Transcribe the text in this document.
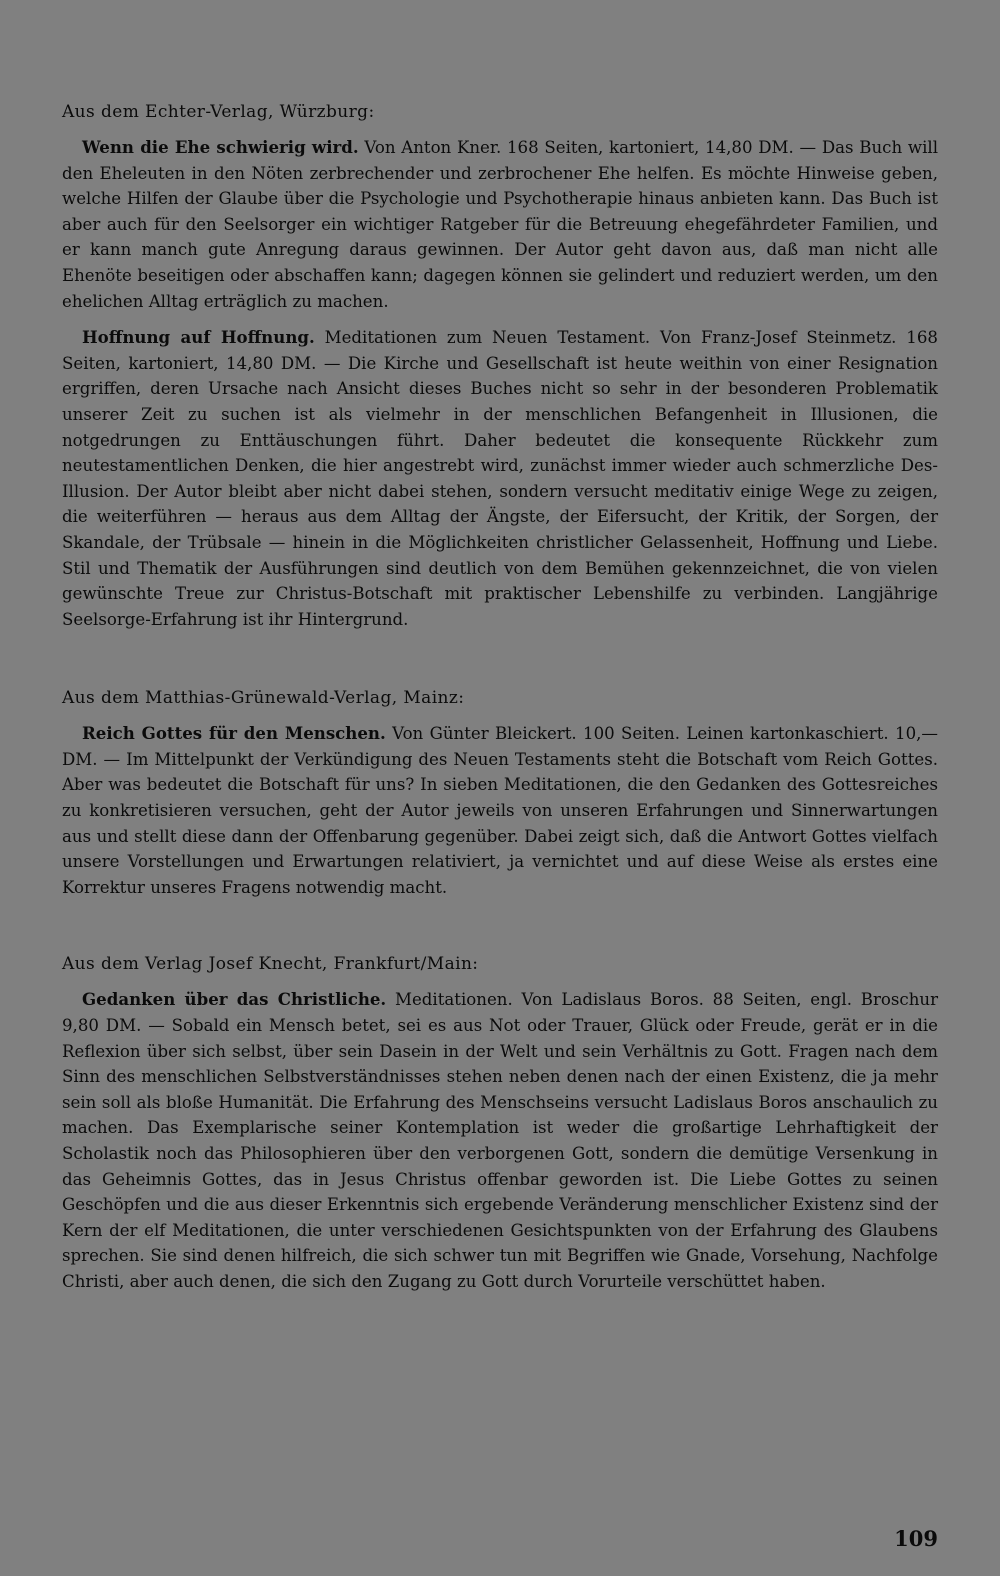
Aus dem Echter-Verlag, Würzburg:

Wenn die Ehe schwierig wird. Von Anton Kner. 168 Seiten, kartoniert, 14,80 DM. — Das Buch will den Eheleuten in den Nöten zerbrechender und zerbrochener Ehe helfen. Es möchte Hinweise geben, welche Hilfen der Glaube über die Psychologie und Psychotherapie hinaus anbieten kann. Das Buch ist aber auch für den Seelsorger ein wichtiger Ratgeber für die Betreuung ehegefährdeter Familien, und er kann manch gute Anregung daraus gewinnen. Der Autor geht davon aus, daß man nicht alle Ehenöte beseitigen oder abschaffen kann; dagegen können sie gelindert und reduziert werden, um den ehelichen Alltag erträglich zu machen.

Hoffnung auf Hoffnung. Meditationen zum Neuen Testament. Von Franz-Josef Steinmetz. 168 Seiten, kartoniert, 14,80 DM. — Die Kirche und Gesellschaft ist heute weithin von einer Resignation ergriffen, deren Ursache nach Ansicht dieses Buches nicht so sehr in der besonderen Problematik unserer Zeit zu suchen ist als vielmehr in der menschlichen Befangenheit in Illusionen, die notgedrungen zu Enttäuschungen führt. Daher bedeutet die konsequente Rückkehr zum neutestamentlichen Denken, die hier angestrebt wird, zunächst immer wieder auch schmerzliche Des-Illusion. Der Autor bleibt aber nicht dabei stehen, sondern versucht meditativ einige Wege zu zeigen, die weiterführen — heraus aus dem Alltag der Ängste, der Eifersucht, der Kritik, der Sorgen, der Skandale, der Trübsale — hinein in die Möglichkeiten christlicher Gelassenheit, Hoffnung und Liebe. Stil und Thematik der Ausführungen sind deutlich von dem Bemühen gekennzeichnet, die von vielen gewünschte Treue zur Christus-Botschaft mit praktischer Lebenshilfe zu verbinden. Langjährige Seelsorge-Erfahrung ist ihr Hintergrund.

Aus dem Matthias-Grünewald-Verlag, Mainz:

Reich Gottes für den Menschen. Von Günter Bleickert. 100 Seiten. Leinen kartonkaschiert. 10,— DM. — Im Mittelpunkt der Verkündigung des Neuen Testaments steht die Botschaft vom Reich Gottes. Aber was bedeutet die Botschaft für uns? In sieben Meditationen, die den Gedanken des Gottesreiches zu konkretisieren versuchen, geht der Autor jeweils von unseren Erfahrungen und Sinnerwartungen aus und stellt diese dann der Offenbarung gegenüber. Dabei zeigt sich, daß die Antwort Gottes vielfach unsere Vorstellungen und Erwartungen relativiert, ja vernichtet und auf diese Weise als erstes eine Korrektur unseres Fragens notwendig macht.

Aus dem Verlag Josef Knecht, Frankfurt/Main:

Gedanken über das Christliche. Meditationen. Von Ladislaus Boros. 88 Seiten, engl. Broschur 9,80 DM. — Sobald ein Mensch betet, sei es aus Not oder Trauer, Glück oder Freude, gerät er in die Reflexion über sich selbst, über sein Dasein in der Welt und sein Verhältnis zu Gott. Fragen nach dem Sinn des menschlichen Selbstverständnisses stehen neben denen nach der einen Existenz, die ja mehr sein soll als bloße Humanität. Die Erfahrung des Menschseins versucht Ladislaus Boros anschaulich zu machen. Das Exemplarische seiner Kontemplation ist weder die großartige Lehrhaftigkeit der Scholastik noch das Philosophieren über den verborgenen Gott, sondern die demütige Versenkung in das Geheimnis Gottes, das in Jesus Christus offenbar geworden ist. Die Liebe Gottes zu seinen Geschöpfen und die aus dieser Erkenntnis sich ergebende Veränderung menschlicher Existenz sind der Kern der elf Meditationen, die unter verschiedenen Gesichtspunkten von der Erfahrung des Glaubens sprechen. Sie sind denen hilfreich, die sich schwer tun mit Begriffen wie Gnade, Vorsehung, Nachfolge Christi, aber auch denen, die sich den Zugang zu Gott durch Vorurteile verschüttet haben.

109
